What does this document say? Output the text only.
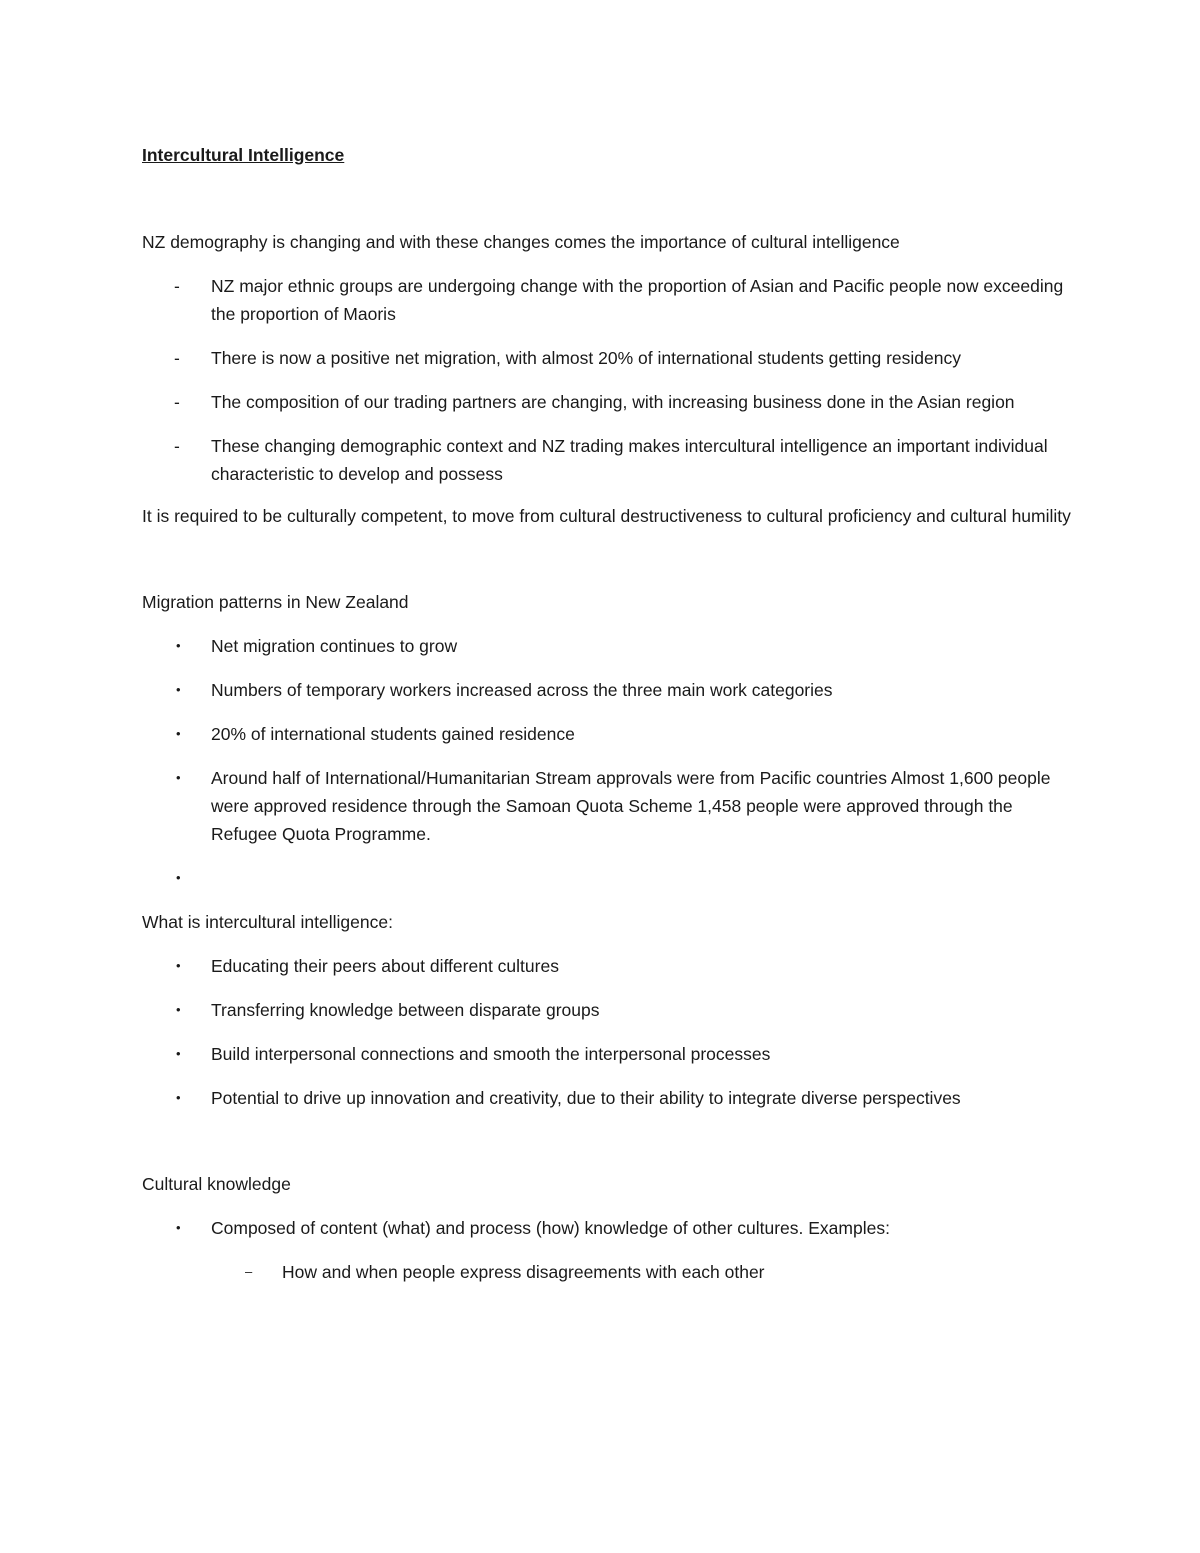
Intercultural Intelligence

NZ demography is changing and with these changes comes the importance of cultural intelligence

-	NZ major ethnic groups are undergoing change with the proportion of Asian and Pacific people now exceeding the proportion of Maoris
-	There is now a positive net migration, with almost 20% of international students getting residency
-	The composition of our trading partners are changing, with increasing business done in the Asian region
-	These changing demographic context and NZ trading makes intercultural intelligence an important individual characteristic to develop and possess

It is required to be culturally competent, to move from cultural destructiveness to cultural proficiency and cultural humility

Migration patterns in New Zealand

•	Net migration continues to grow
•	Numbers of temporary workers increased across the three main work categories
•	20% of international students gained residence
•	Around half of International/Humanitarian Stream approvals were from Pacific countries Almost 1,600 people were approved residence through the Samoan Quota Scheme 1,458 people were approved through the Refugee Quota Programme.
•

What is intercultural intelligence:

•	Educating their peers about different cultures
•	Transferring knowledge between disparate groups
•	Build interpersonal connections and smooth the interpersonal processes
•	Potential to drive up innovation and creativity, due to their ability to integrate diverse perspectives

Cultural knowledge

•	Composed of content (what) and process (how) knowledge of other cultures. Examples:
–	How and when people express disagreements with each other
